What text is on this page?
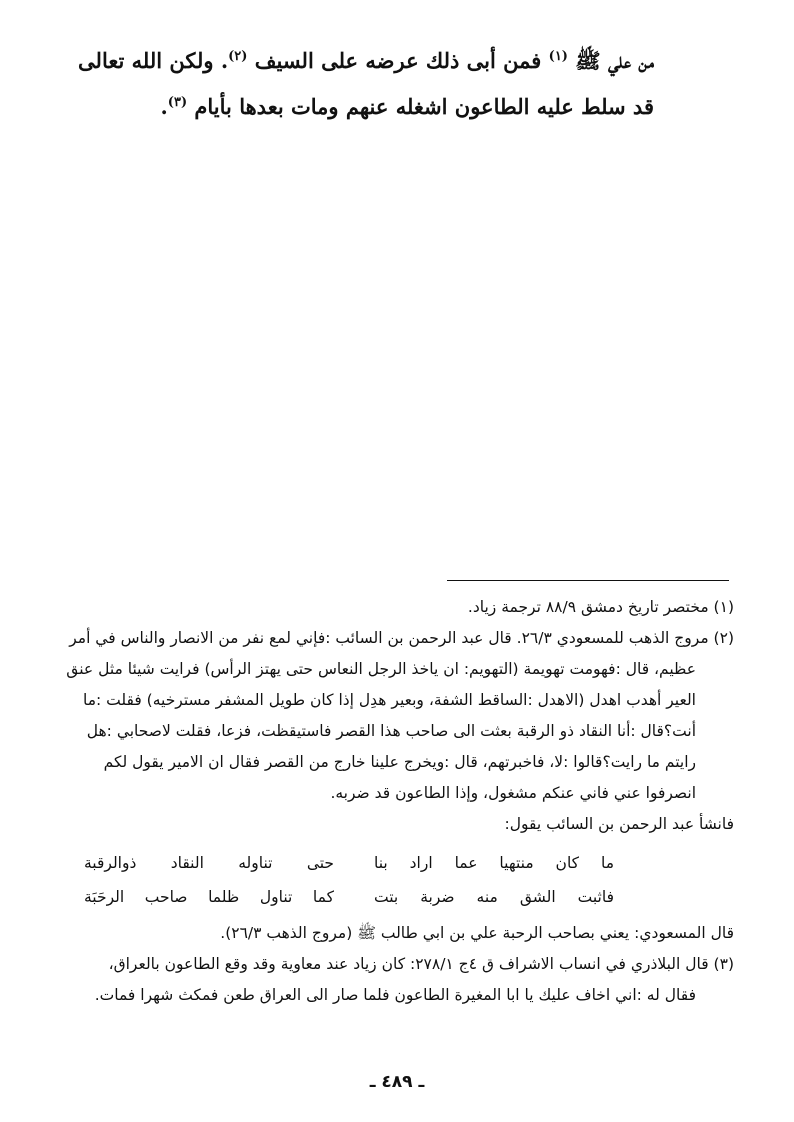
من علي ﷺ $^{(١)}$ فمن أبى ذلك عرضه على السيف $^{(٢)}$. ولكن الله تعالى

قد سلط عليه الطاعون اشغله عنهم ومات بعدها بأيام $^{(٣)}$.

(١) مختصر تاريخ دمشق ٨٨/٩ ترجمة زياد.

(٢) مروج الذهب للمسعودي ٢٦/٣. قال عبد الرحمن بن السائب :فإني لمع نفر من الانصار والناس في أمر

عظيم، قال :فهومت تهويمة (التهويم: ان ياخذ الرجل النعاس حتى يهتز الرأس) فرايت شيئا مثل عنق

العير أهدب اهدل (الاهدل :الساقط الشفة، وبعير هدِل إذا كان طويل المشفر مسترخيه) فقلت :ما

أنت؟قال :أنا النقاد ذو الرقبة بعثت الى صاحب هذا القصر فاستيقظت، فزعا، فقلت لاصحابي :هل

رايتم ما رايت؟قالوا :لا، فاخبرتهم، قال :ويخرج علينا خارج من القصر فقال ان الامير يقول لكم

انصرفوا عني فاني عنكم مشغول، وإذا الطاعون قد ضربه.

فانشأ عبد الرحمن بن السائب يقول:

ما كان منتهيا عما اراد بنا
حتى تناوله النقاد ذوالرقبة
فاثبت الشق منه ضربة بتت
كما تناول ظلما صاحب الرحَبَة

قال المسعودي: يعني بصاحب الرحبة علي بن ابي طالب ﷺ (مروج الذهب ٢٦/٣).

(٣) قال البلاذري في انساب الاشراف ق ٤ج ٢٧٨/١: كان زياد عند معاوية وقد وقع الطاعون بالعراق،

فقال له :اني اخاف عليك يا ابا المغيرة الطاعون فلما صار الى العراق طعن فمكث شهرا فمات.

ـ ٤٨٩ ـ
